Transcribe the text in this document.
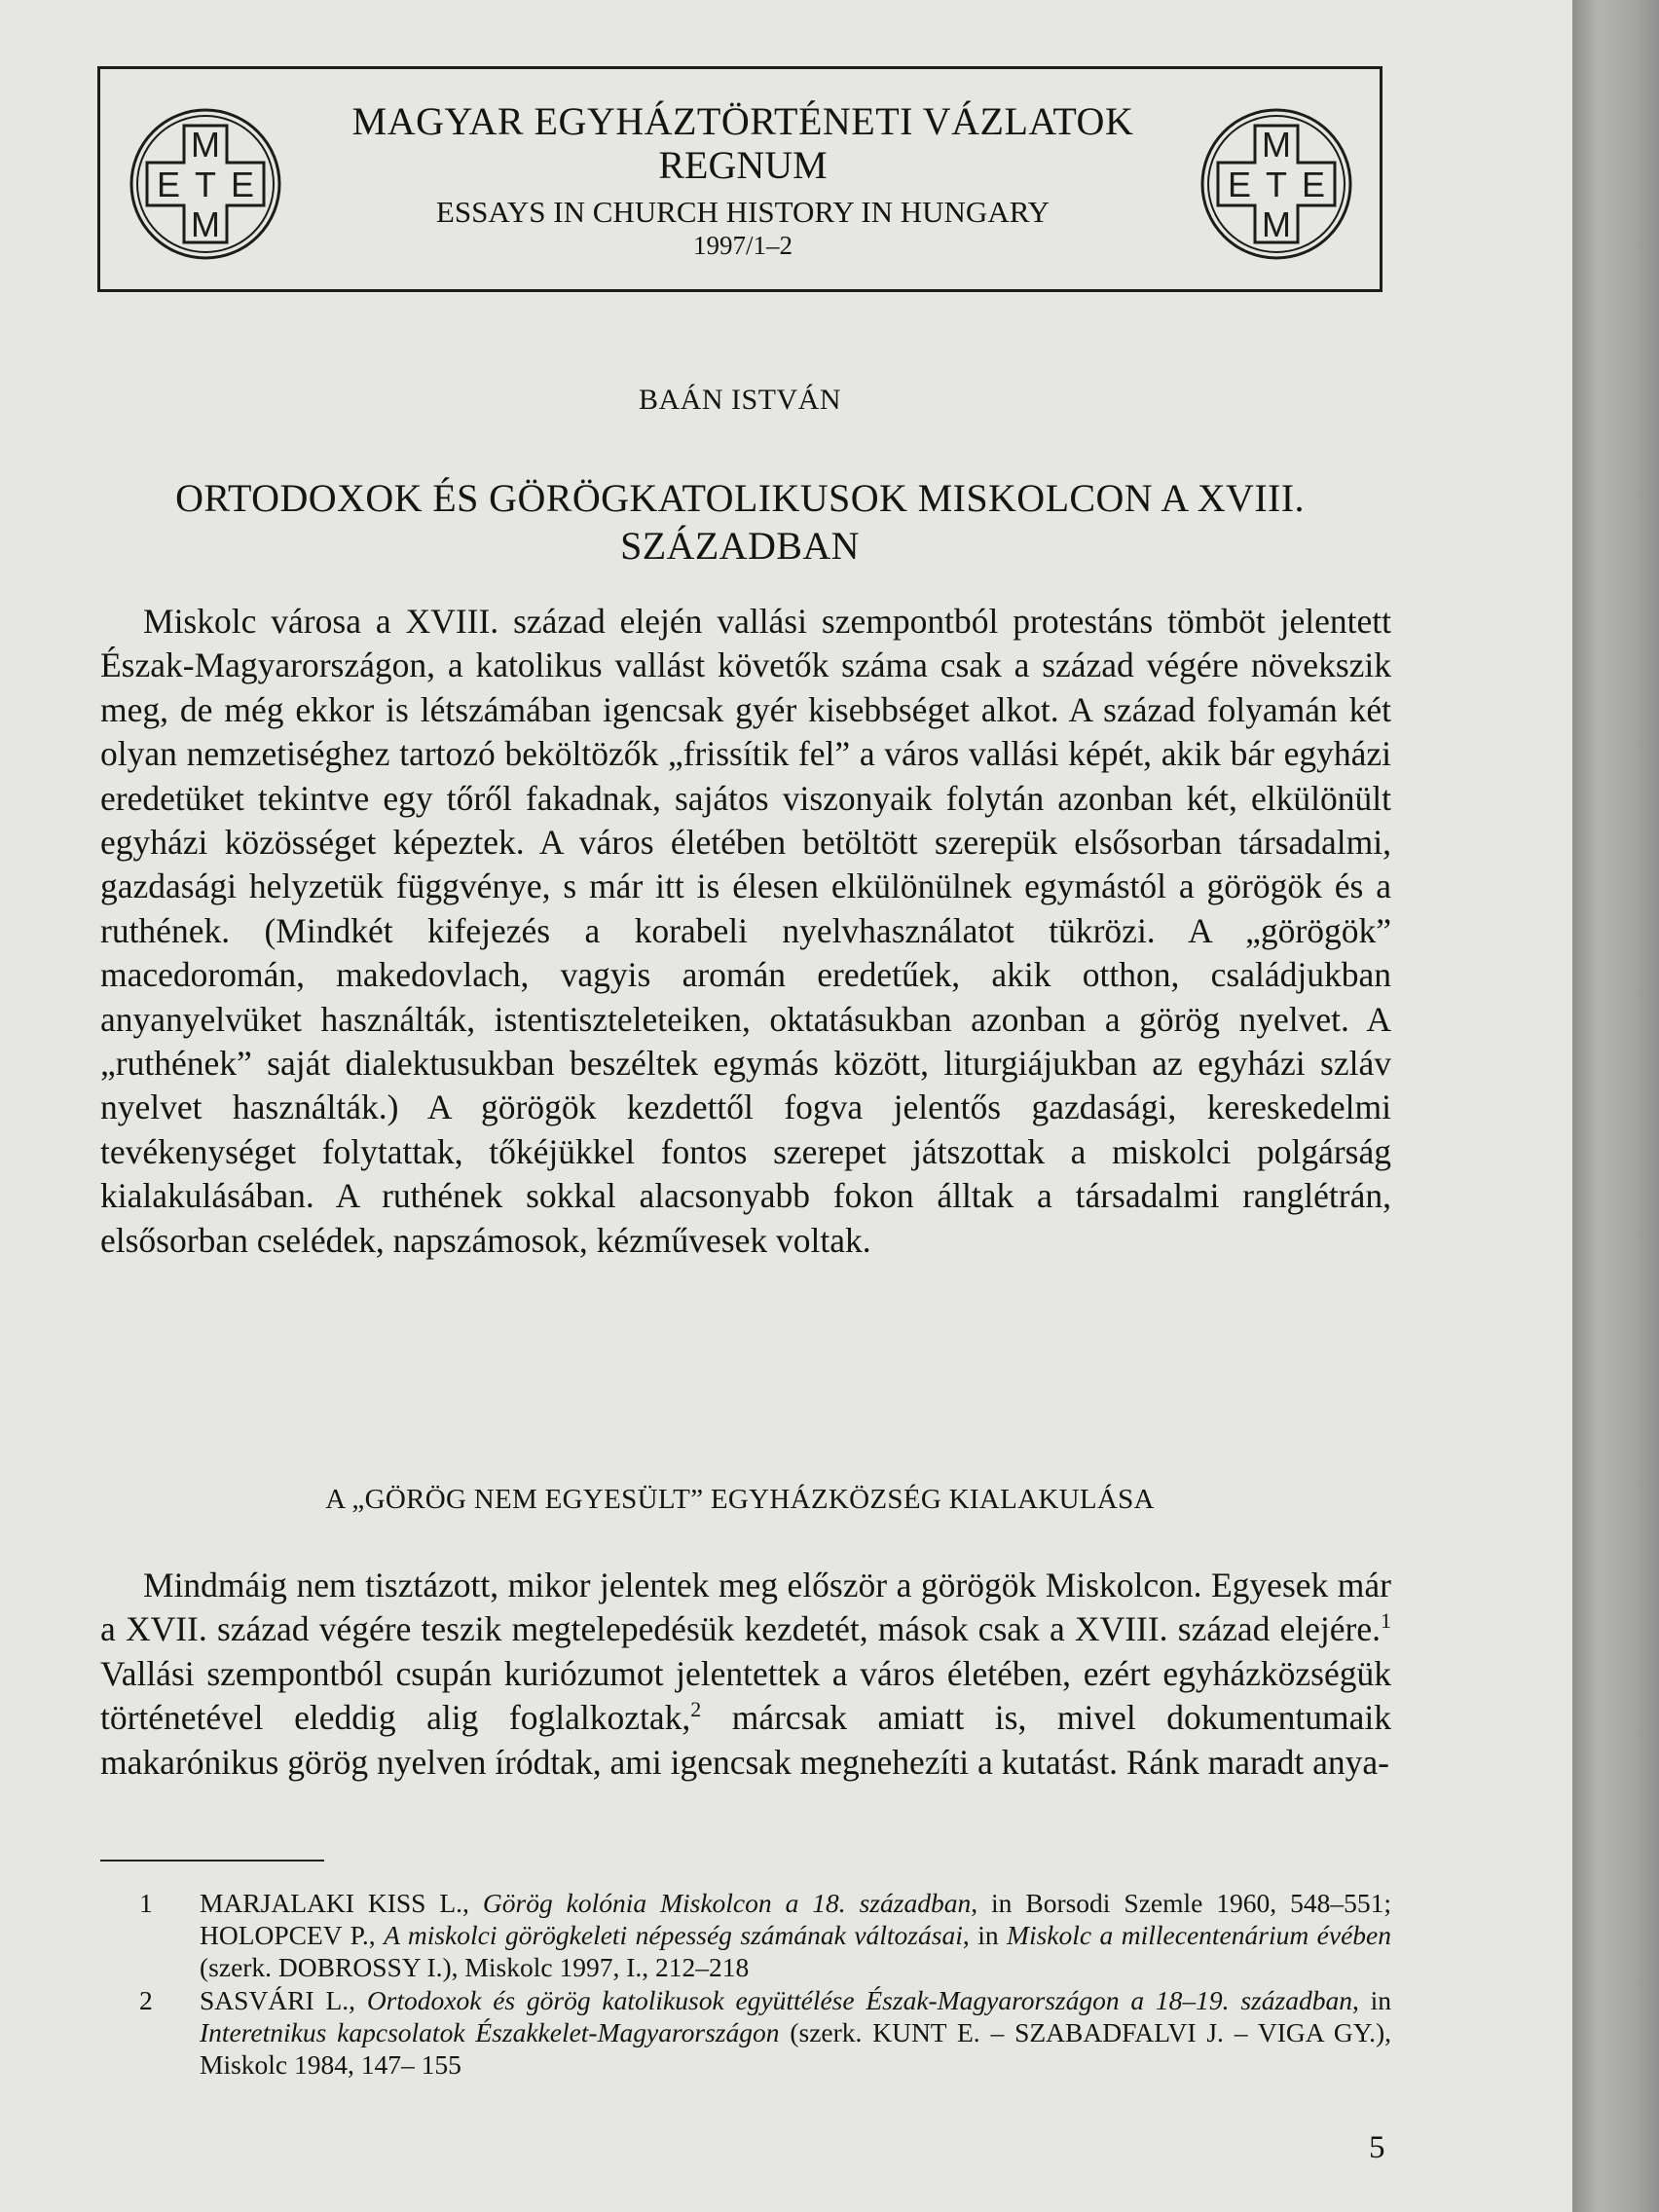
M
E T E
M
MAGYAR EGYHÁZTÖRTÉNETI VÁZLATOK
REGNUM
ESSAYS IN CHURCH HISTORY IN HUNGARY
1997/1–2
M
E T E
M
BAÁN ISTVÁN
ORTODOXOK ÉS GÖRÖGKATOLIKUSOK MISKOLCON A XVIII. SZÁZADBAN

Miskolc városa a XVIII. század elején vallási szempontból protestáns tömböt jelentett Észak-Magyarországon, a katolikus vallást követők száma csak a század végére növekszik meg, de még ekkor is létszámában igencsak gyér kisebbséget alkot. A század folyamán két olyan nemzetiséghez tartozó beköltözők „frissítik fel” a város vallási képét, akik bár egyházi eredetüket tekintve egy tőről fakadnak, sajátos viszonyaik folytán azonban két, elkülönült egyházi közösséget képeztek. A város életében betöltött szerepük elsősorban társadalmi, gazdasági helyzetük függvénye, s már itt is élesen elkülönülnek egymástól a görögök és a ruthének. (Mindkét kifejezés a korabeli nyelvhasználatot tükrözi. A „görögök” macedoromán, makedovlach, vagyis aromán eredetűek, akik otthon, családjukban anyanyelvüket használták, istentiszteleteiken, oktatásukban azonban a görög nyelvet. A „ruthének” saját dialektusukban beszéltek egymás között, liturgiájukban az egyházi szláv nyelvet használták.) A görögök kezdettől fogva jelentős gazdasági, kereskedelmi tevékenységet folytattak, tőkéjükkel fontos szerepet játszottak a miskolci polgárság kialakulásában. A ruthének sokkal alacsonyabb fokon álltak a társadalmi ranglétrán, elsősorban cselédek, napszámosok, kézművesek voltak.

A „GÖRÖG NEM EGYESÜLT” EGYHÁZKÖZSÉG KIALAKULÁSA

Mindmáig nem tisztázott, mikor jelentek meg először a görögök Miskolcon. Egyesek már a XVII. század végére teszik megtelepedésük kezdetét, mások csak a XVIII. század elejére.$^1$ Vallási szempontból csupán kuriózumot jelentettek a város életében, ezért egyházközségük történetével eleddig alig foglalkoztak,$^2$ márcsak amiatt is, mivel dokumentumaik makarónikus görög nyelven íródtak, ami igencsak megnehezíti a kutatást. Ránk maradt anya-

1 MARJALAKI KISS L., Görög kolónia Miskolcon a 18. században, in Borsodi Szemle 1960, 548–551; HOLOPCEV P., A miskolci görögkeleti népesség számának változásai, in Miskolc a millecentenárium évében (szerk. DOBROSSY I.), Miskolc 1997, I., 212–218
2 SASVÁRI L., Ortodoxok és görög katolikusok együttélése Észak-Magyarországon a 18–19. században, in Interetnikus kapcsolatok Északkelet-Magyarországon (szerk. KUNT E. – SZABADFALVI J. – VIGA GY.), Miskolc 1984, 147– 155
5
